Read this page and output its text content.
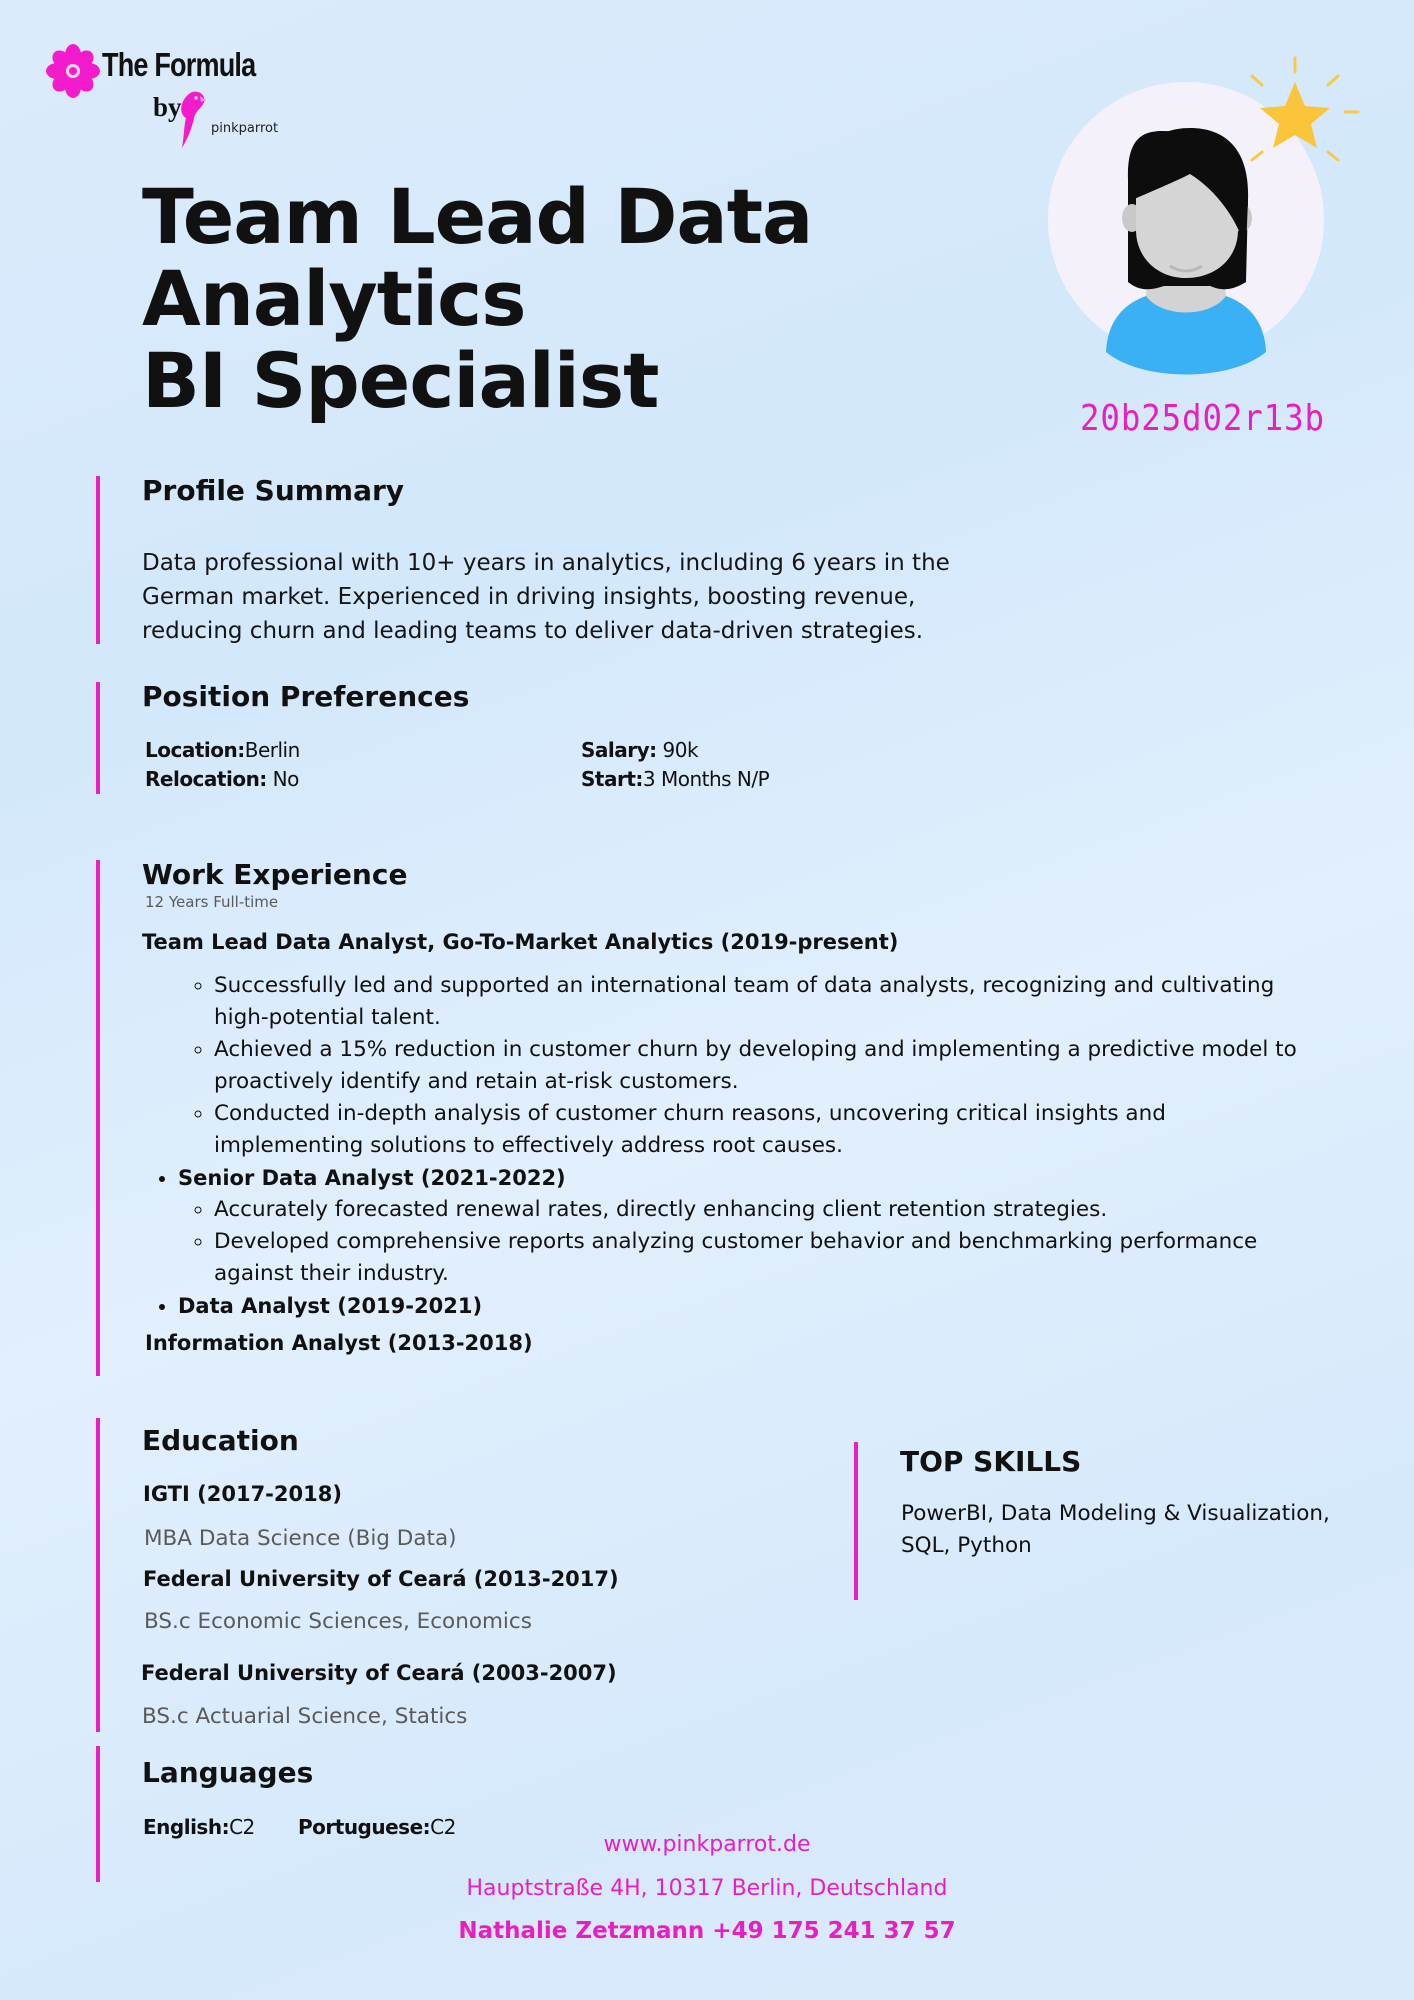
The Formula
by
pinkparrot
Team Lead Data
Analytics
BI Specialist	20b25d02r13b
Profile Summary
Data professional with 10+ years in analytics, including 6 years in the German market. Experienced in driving insights, boosting revenue, reducing churn and leading teams to deliver data-driven strategies.
Position Preferences
Location:Berlin
Relocation: No
Salary: 90k
Start:3 Months N/P
Work Experience
12 Years Full-time
Team Lead Data Analyst, Go-To-Market Analytics (2019-present)
◦ Successfully led and supported an international team of data analysts, recognizing and cultivating high-potential talent.
◦ Achieved a 15% reduction in customer churn by developing and implementing a predictive model to proactively identify and retain at-risk customers.
◦ Conducted in-depth analysis of customer churn reasons, uncovering critical insights and implementing solutions to effectively address root causes.
• Senior Data Analyst (2021-2022)
◦ Accurately forecasted renewal rates, directly enhancing client retention strategies.
◦ Developed comprehensive reports analyzing customer behavior and benchmarking performance against their industry.
• Data Analyst (2019-2021)
Information Analyst (2013-2018)
Education
IGTI (2017-2018)
MBA Data Science (Big Data)
Federal University of Ceará (2013-2017)
BS.c Economic Sciences, Economics
Federal University of Ceará (2003-2007)
BS.c Actuarial Science, Statics
TOP SKILLS
PowerBI, Data Modeling & Visualization, SQL, Python
Languages
English:C2 Portuguese:C2
www.pinkparrot.de
Hauptstraße 4H, 10317 Berlin, Deutschland
Nathalie Zetzmann +49 175 241 37 57
